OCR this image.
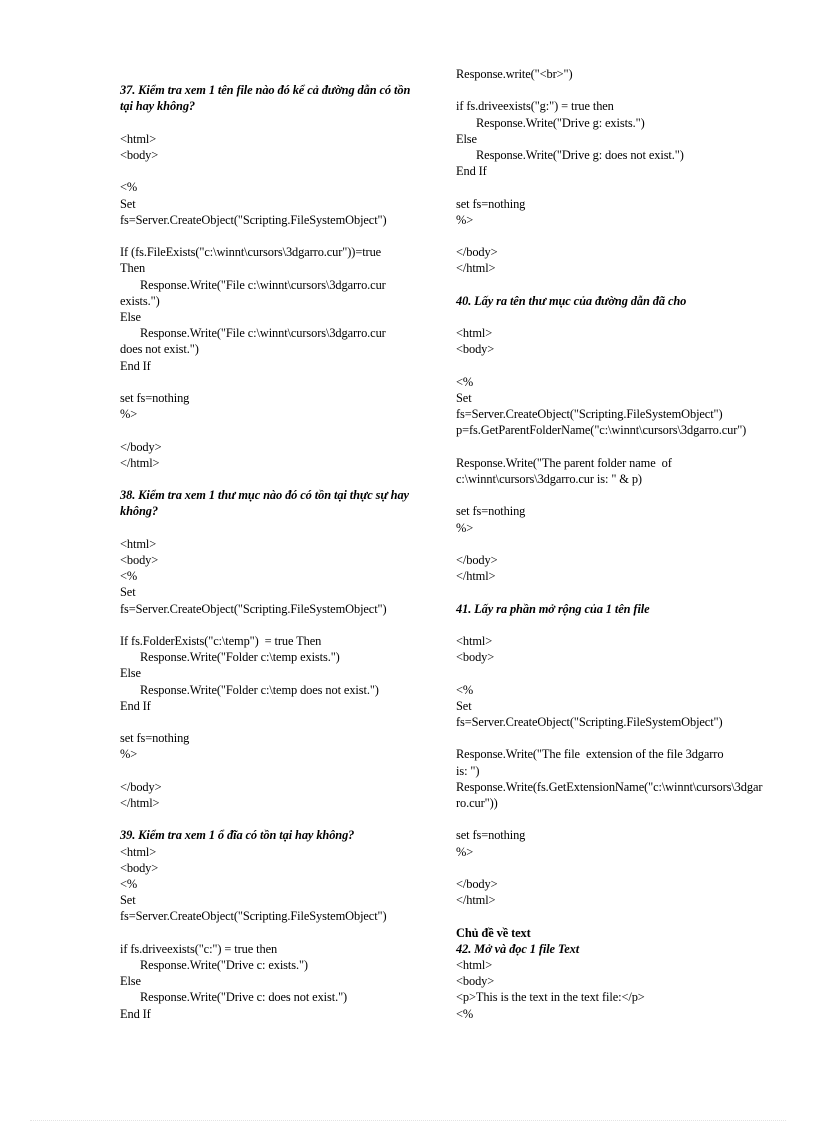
37. Kiểm tra xem 1 tên file nào đó kể cả đường dẫn có tồn tại hay không?
<html>
<body>
<%
Set
fs=Server.CreateObject("Scripting.FileSystemObject")
If (fs.FileExists("c:\winnt\cursors\3dgarro.cur"))=true
Then
Response.Write("File c:\winnt\cursors\3dgarro.cur
exists.")
Else
Response.Write("File c:\winnt\cursors\3dgarro.cur
does not exist.")
End If
set fs=nothing
%>
</body>
</html>
38. Kiểm tra xem 1 thư mục nào đó có tồn tại thực sự hay không?
<html>
<body>
<%
Set
fs=Server.CreateObject("Scripting.FileSystemObject")
If fs.FolderExists("c:\temp")  = true Then
Response.Write("Folder c:\temp exists.")
Else
Response.Write("Folder c:\temp does not exist.")
End If
set fs=nothing
%>
</body>
</html>
39. Kiểm tra xem 1 ổ đĩa có tồn tại hay không?
<html>
<body>
<%
Set
fs=Server.CreateObject("Scripting.FileSystemObject")
if fs.driveexists("c:") = true then
Response.Write("Drive c: exists.")
Else
Response.Write("Drive c: does not exist.")
End If
Response.write("<br>")
if fs.driveexists("g:") = true then
Response.Write("Drive g: exists.")
Else
Response.Write("Drive g: does not exist.")
End If
set fs=nothing
%>
</body>
</html>
40. Lấy ra tên thư mục của đường dẫn đã cho
<html>
<body>
<%
Set
fs=Server.CreateObject("Scripting.FileSystemObject")
p=fs.GetParentFolderName("c:\winnt\cursors\3dgarro.cur")
Response.Write("The parent folder name  of
c:\winnt\cursors\3dgarro.cur is: " & p)
set fs=nothing
%>
</body>
</html>
41. Lấy ra phần mở rộng của 1 tên file
<html>
<body>
<%
Set
fs=Server.CreateObject("Scripting.FileSystemObject")
Response.Write("The file  extension of the file 3dgarro
is: ")
Response.Write(fs.GetExtensionName("c:\winnt\cursors\3dgarro.cur"))
set fs=nothing
%>
</body>
</html>
Chủ đề về text
42. Mở và đọc 1 file Text
<html>
<body>
<p>This is the text in the text file:</p>
<%
